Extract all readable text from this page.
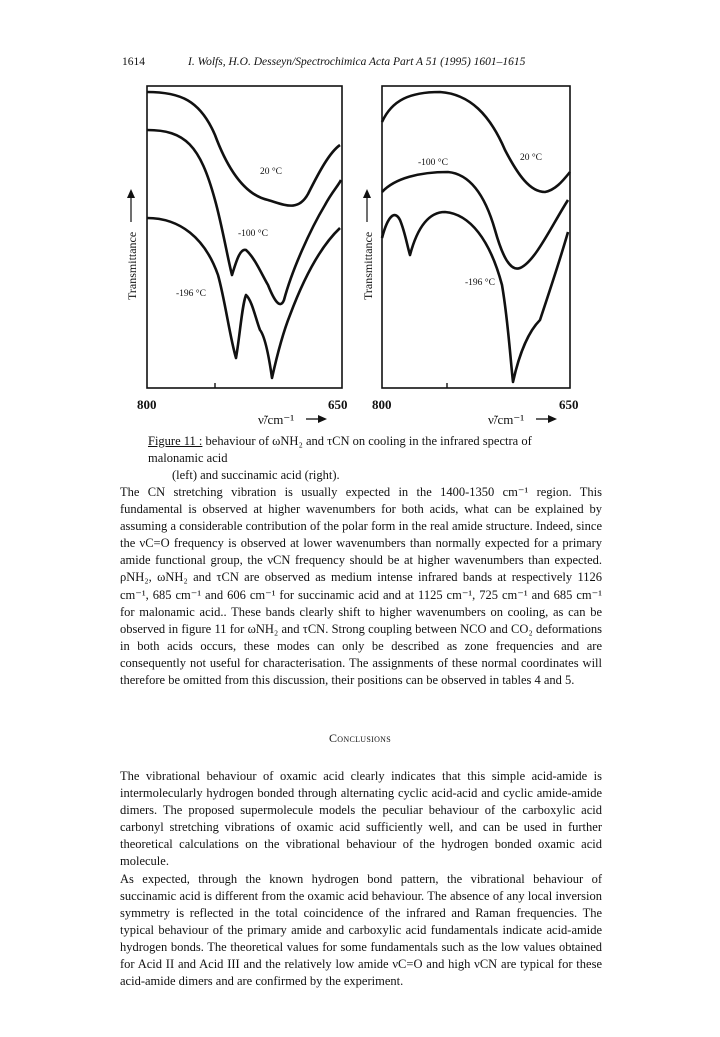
1614	I. Wolfs, H.O. Desseyn/Spectrochimica Acta Part A 51 (1995) 1601–1615
20 °C
-100 °C
-196 °C
Transmittance
800	650
ν̃/cm⁻¹
20 °C
-100 °C
-196 °C
Transmittance
800	650
ν̃/cm⁻¹
Figure 11 : behaviour of ωNH₂ and τCN on cooling in the infrared spectra of malonamic acid
(left) and succinamic acid (right).

The CN stretching vibration is usually expected in the 1400-1350 cm⁻¹ region. This fundamental is observed at higher wavenumbers for both acids, what can be explained by assuming a considerable contribution of the polar form in the real amide structure. Indeed, since the νC=O frequency is observed at lower wavenumbers than normally expected for a primary amide functional group, the νCN frequency should be at higher wavenumbers than expected. ρNH₂, ωNH₂ and τCN are observed as medium intense infrared bands at respectively 1126 cm⁻¹, 685 cm⁻¹ and 606 cm⁻¹ for succinamic acid and at 1125 cm⁻¹, 725 cm⁻¹ and 685 cm⁻¹ for malonamic acid.. These bands clearly shift to higher wavenumbers on cooling, as can be observed in figure 11 for ωNH₂ and τCN. Strong coupling between NCO and CO₂ deformations in both acids occurs, these modes can only be described as zone frequencies and are consequently not useful for characterisation. The assignments of these normal coordinates will therefore be omitted from this discussion, their positions can be observed in tables 4 and 5.

Conclusions

The vibrational behaviour of oxamic acid clearly indicates that this simple acid-amide is intermolecularly hydrogen bonded through alternating cyclic acid-acid and cyclic amide-amide dimers. The proposed supermolecule models the peculiar behaviour of the carboxylic acid carbonyl stretching vibrations of oxamic acid sufficiently well, and can be used in further theoretical calculations on the vibrational behaviour of the hydrogen bonded oxamic acid molecule.

As expected, through the known hydrogen bond pattern, the vibrational behaviour of succinamic acid is different from the oxamic acid behaviour. The absence of any local inversion symmetry is reflected in the total coincidence of the infrared and Raman frequencies. The typical behaviour of the primary amide and carboxylic acid fundamentals indicate acid-amide hydrogen bonds. The theoretical values for some fundamentals such as the low values obtained for Acid II and Acid III and the relatively low amide νC=O and high νCN are typical for these acid-amide dimers and are confirmed by the experiment.
